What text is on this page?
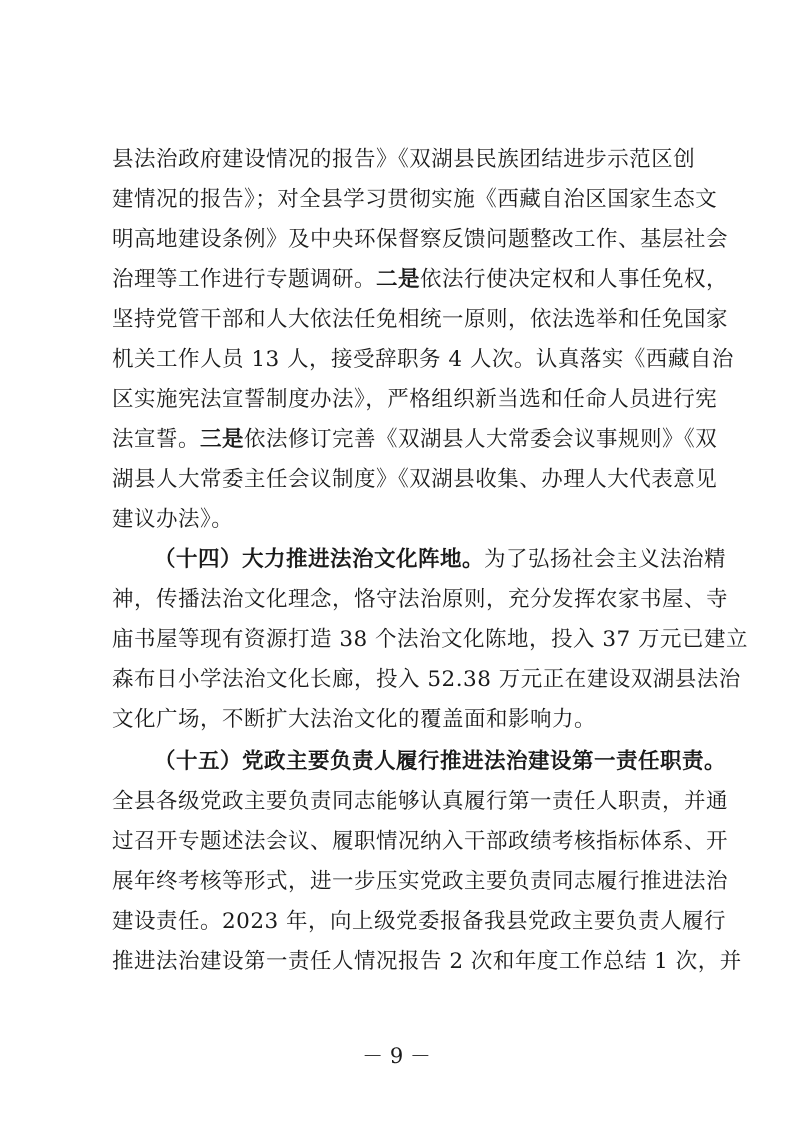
县法治政府建设情况的报告》《双湖县民族团结进步示范区创
建情况的报告》；对全县学习贯彻实施《西藏自治区国家生态文
明高地建设条例》及中央环保督察反馈问题整改工作、基层社会
治理等工作进行专题调研。二是依法行使决定权和人事任免权，
坚持党管干部和人大依法任免相统一原则，依法选举和任免国家
机关工作人员 13 人，接受辞职务 4 人次。认真落实《西藏自治
区实施宪法宣誓制度办法》，严格组织新当选和任命人员进行宪
法宣誓。三是依法修订完善《双湖县人大常委会议事规则》《双
湖县人大常委主任会议制度》《双湖县收集、办理人大代表意见
建议办法》。
（十四）大力推进法治文化阵地。为了弘扬社会主义法治精
神，传播法治文化理念，恪守法治原则，充分发挥农家书屋、寺
庙书屋等现有资源打造 38 个法治文化陈地，投入 37 万元已建立
森布日小学法治文化长廊，投入 52.38 万元正在建设双湖县法治
文化广场，不断扩大法治文化的覆盖面和影响力。
（十五）党政主要负责人履行推进法治建设第一责任职责。
全县各级党政主要负责同志能够认真履行第一责任人职责，并通
过召开专题述法会议、履职情况纳入干部政绩考核指标体系、开
展年终考核等形式，进一步压实党政主要负责同志履行推进法治
建设责任。2023 年，向上级党委报备我县党政主要负责人履行
推进法治建设第一责任人情况报告 2 次和年度工作总结 1 次，并
－ 9 －
